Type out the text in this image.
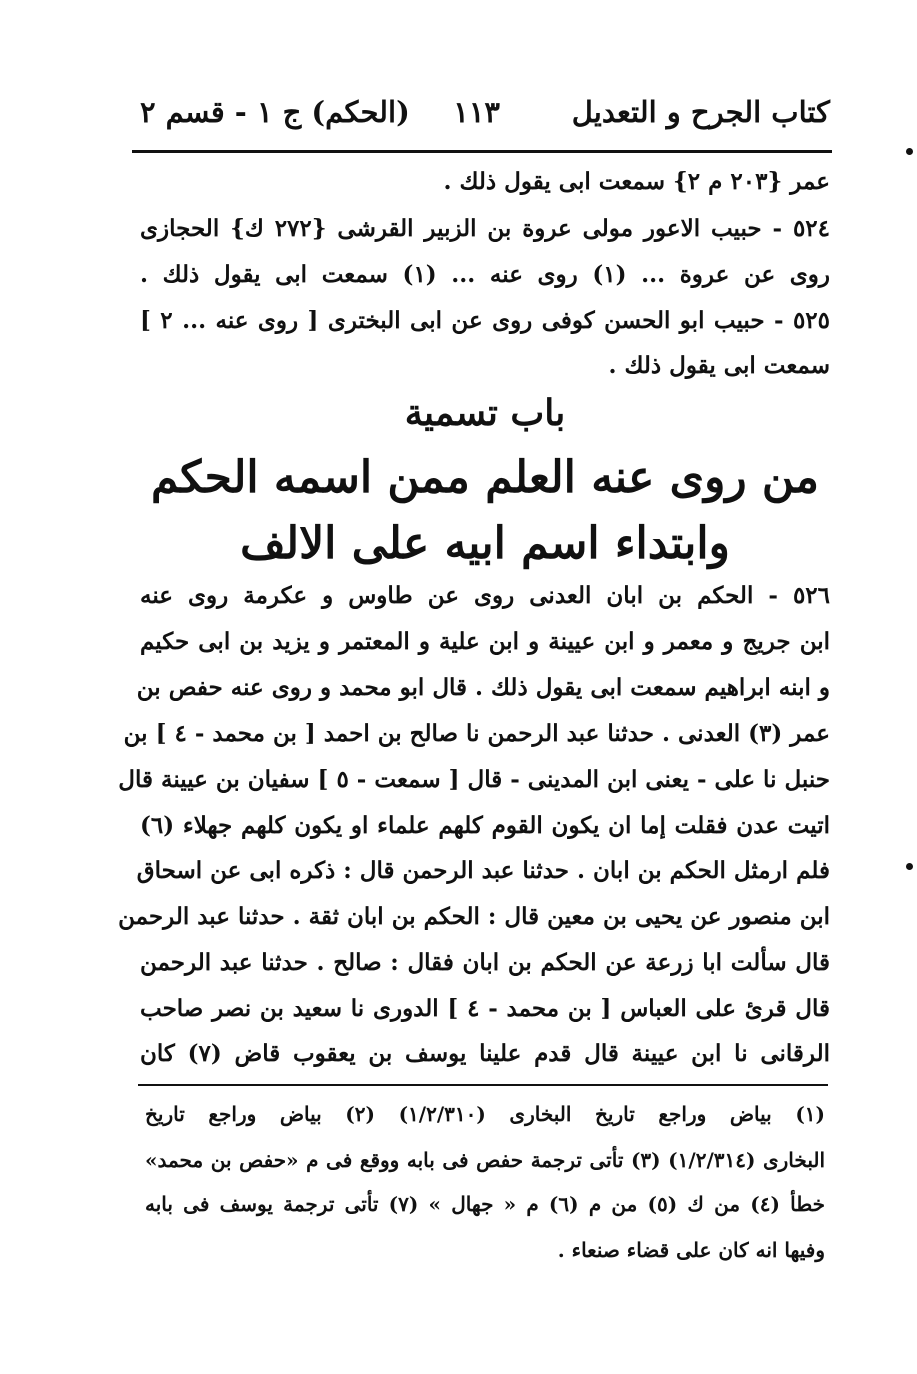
كتاب الجرح و التعديل
١١٣
(الحكم) ج ١ - قسم ٢
عمر {٢٠٣ م ٢} سمعت ابى يقول ذلك .
٥٢٤ - حبيب الاعور مولى عروة بن الزبير القرشى {٢٧٢ ك} الحجازى
روى عن عروة ... (١) روى عنه ... (١) سمعت ابى يقول ذلك .
٥٢٥ - حبيب ابو الحسن كوفى روى عن ابى البخترى [ روى عنه ... ٢ ]
سمعت ابى يقول ذلك .
باب تسمية
من روى عنه العلم ممن اسمه الحكم
وابتداء اسم ابيه على الالف
٥٢٦ - الحكم بن ابان العدنى روى عن طاوس و عكرمة روى عنه
ابن جريج و معمر و ابن عيينة و ابن علية و المعتمر و يزيد بن ابى حكيم
و ابنه ابراهيم سمعت ابى يقول ذلك . قال ابو محمد و روى عنه حفص بن
عمر (٣) العدنى . حدثنا عبد الرحمن نا صالح بن احمد [ بن محمد - ٤ ] بن
حنبل نا على - يعنى ابن المدينى - قال [ سمعت - ٥ ] سفيان بن عيينة قال
اتيت عدن فقلت إما ان يكون القوم كلهم علماء او يكون كلهم جهلاء (٦)
فلم ارمثل الحكم بن ابان . حدثنا عبد الرحمن قال : ذكره ابى عن اسحاق
ابن منصور عن يحيى بن معين قال : الحكم بن ابان ثقة . حدثنا عبد الرحمن
قال سألت ابا زرعة عن الحكم بن ابان فقال : صالح . حدثنا عبد الرحمن
قال قرئ على العباس [ بن محمد - ٤ ] الدورى نا سعيد بن نصر صاحب
الرقانى نا ابن عيينة قال قدم علينا يوسف بن يعقوب قاض (٧) كان
(١) بياض وراجع تاريخ البخارى (١/٢/٣١٠) (٢) بياض وراجع تاريخ
البخارى (١/٢/٣١٤) (٣) تأتى ترجمة حفص فى بابه ووقع فى م «حفص بن محمد»
خطأ (٤) من ك (٥) من م (٦) م « جهال » (٧) تأتى ترجمة يوسف فى بابه
وفيها انه كان على قضاء صنعاء .
